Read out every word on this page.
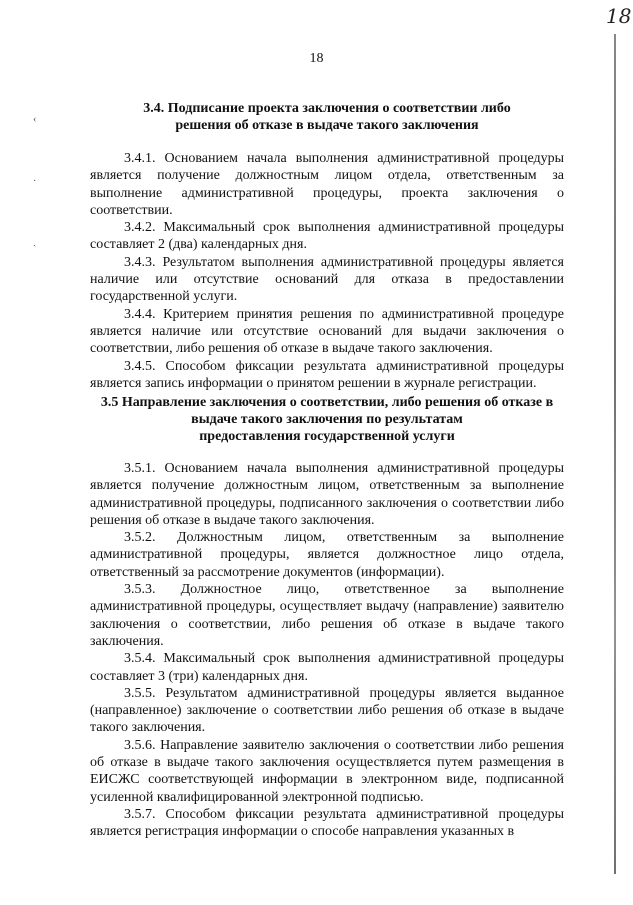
18
‹
·
ˎ
18
3.4. Подписание проекта заключения о соответствии либо
решения об отказе в выдаче такого заключения

3.4.1. Основанием начала выполнения административной процедуры является получение должностным лицом отдела, ответственным за выполнение административной процедуры, проекта заключения о соответствии.

3.4.2. Максимальный срок выполнения административной процедуры составляет 2 (два) календарных дня.

3.4.3. Результатом выполнения административной процедуры является наличие или отсутствие оснований для отказа в предоставлении государственной услуги.

3.4.4. Критерием принятия решения по административной процедуре является наличие или отсутствие оснований для выдачи заключения о соответствии, либо решения об отказе в выдаче такого заключения.

3.4.5. Способом фиксации результата административной процедуры является запись информации о принятом решении в журнале регистрации.

3.5 Направление заключения о соответствии, либо решения об отказе в
выдаче такого заключения по результатам
предоставления государственной услуги

3.5.1. Основанием начала выполнения административной процедуры является получение должностным лицом, ответственным за выполнение административной процедуры, подписанного заключения о соответствии либо решения об отказе в выдаче такого заключения.

3.5.2. Должностным лицом, ответственным за выполнение административной процедуры, является должностное лицо отдела, ответственный за рассмотрение документов (информации).

3.5.3. Должностное лицо, ответственное за выполнение административной процедуры, осуществляет выдачу (направление) заявителю заключения о соответствии, либо решения об отказе в выдаче такого заключения.

3.5.4. Максимальный срок выполнения административной процедуры составляет 3 (три) календарных дня.

3.5.5. Результатом административной процедуры является выданное (направленное) заключение о соответствии либо решения об отказе в выдаче такого заключения.

3.5.6. Направление заявителю заключения о соответствии либо решения об отказе в выдаче такого заключения осуществляется путем размещения в ЕИСЖС соответствующей информации в электронном виде, подписанной усиленной квалифицированной электронной подписью.

3.5.7. Способом фиксации результата административной процедуры является регистрация информации о способе направления указанных в
